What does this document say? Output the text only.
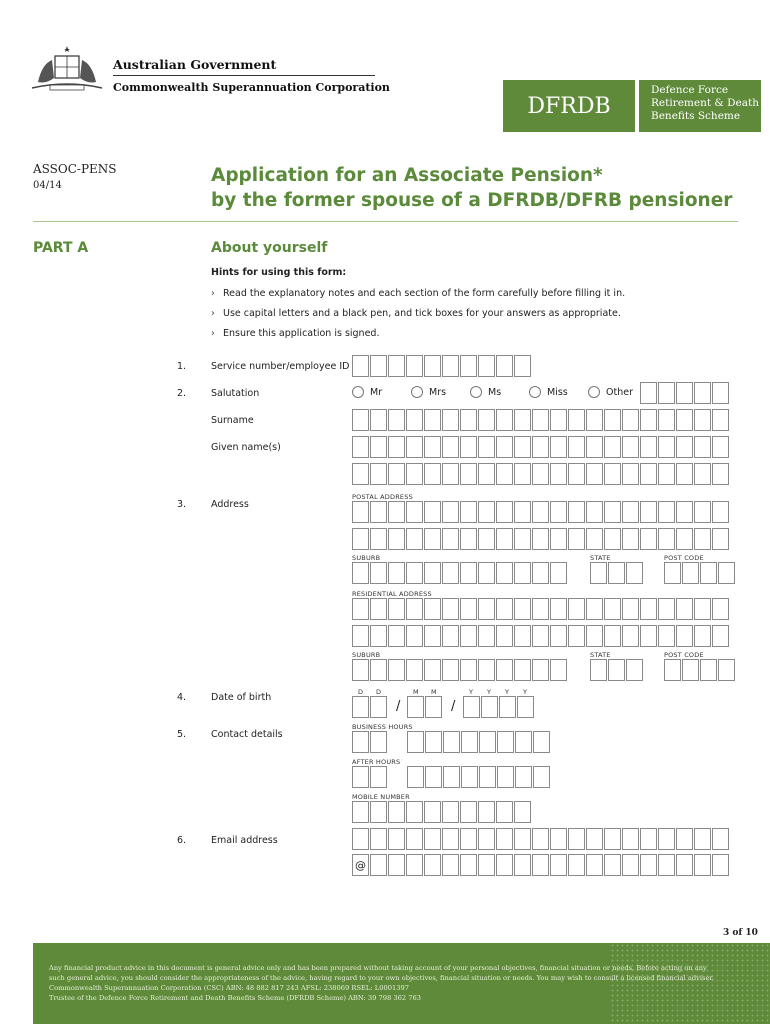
Australian Government
Commonwealth Superannuation Corporation
DFRDB
Defence Force
Retirement & Death
Benefits Scheme
ASSOC-PENS
04/14	Application for an Associate Pension*
by the former spouse of a DFRDB/DFRB pensioner
PART A	About yourself
Hints for using this form:
› Read the explanatory notes and each section of the form carefully before filling it in.
› Use capital letters and a black pen, and tick boxes for your answers as appropriate.
› Ensure this application is signed.
1.	Service number/employee ID
2.	Salutation	Mr	Mrs	Ms	Miss	Other
Surname
Given name(s)
3.	Address
POSTAL ADDRESS
SUBURB	STATE	POST CODE
RESIDENTIAL ADDRESS
SUBURB	STATE	POST CODE
4.	Date of birth	D D	M M	Y Y Y Y
/	/
5.	Contact details
BUSINESS HOURS
AFTER HOURS
MOBILE NUMBER
6.	Email address
@
3 of 10

Any financial product advice in this document is general advice only and has been prepared without taking account of your personal objectives, financial situation or needs. Before acting on any

such general advice, you should consider the appropriateness of the advice, having regard to your own objectives, financial situation or needs. You may wish to consult a licensed financial adviser.

Commonwealth Superannuation Corporation (CSC) ABN: 48 882 817 243 AFSL: 238069 RSEL: L0001397

Trustee of the Defence Force Retirement and Death Benefits Scheme (DFRDB Scheme) ABN: 39 798 362 763
